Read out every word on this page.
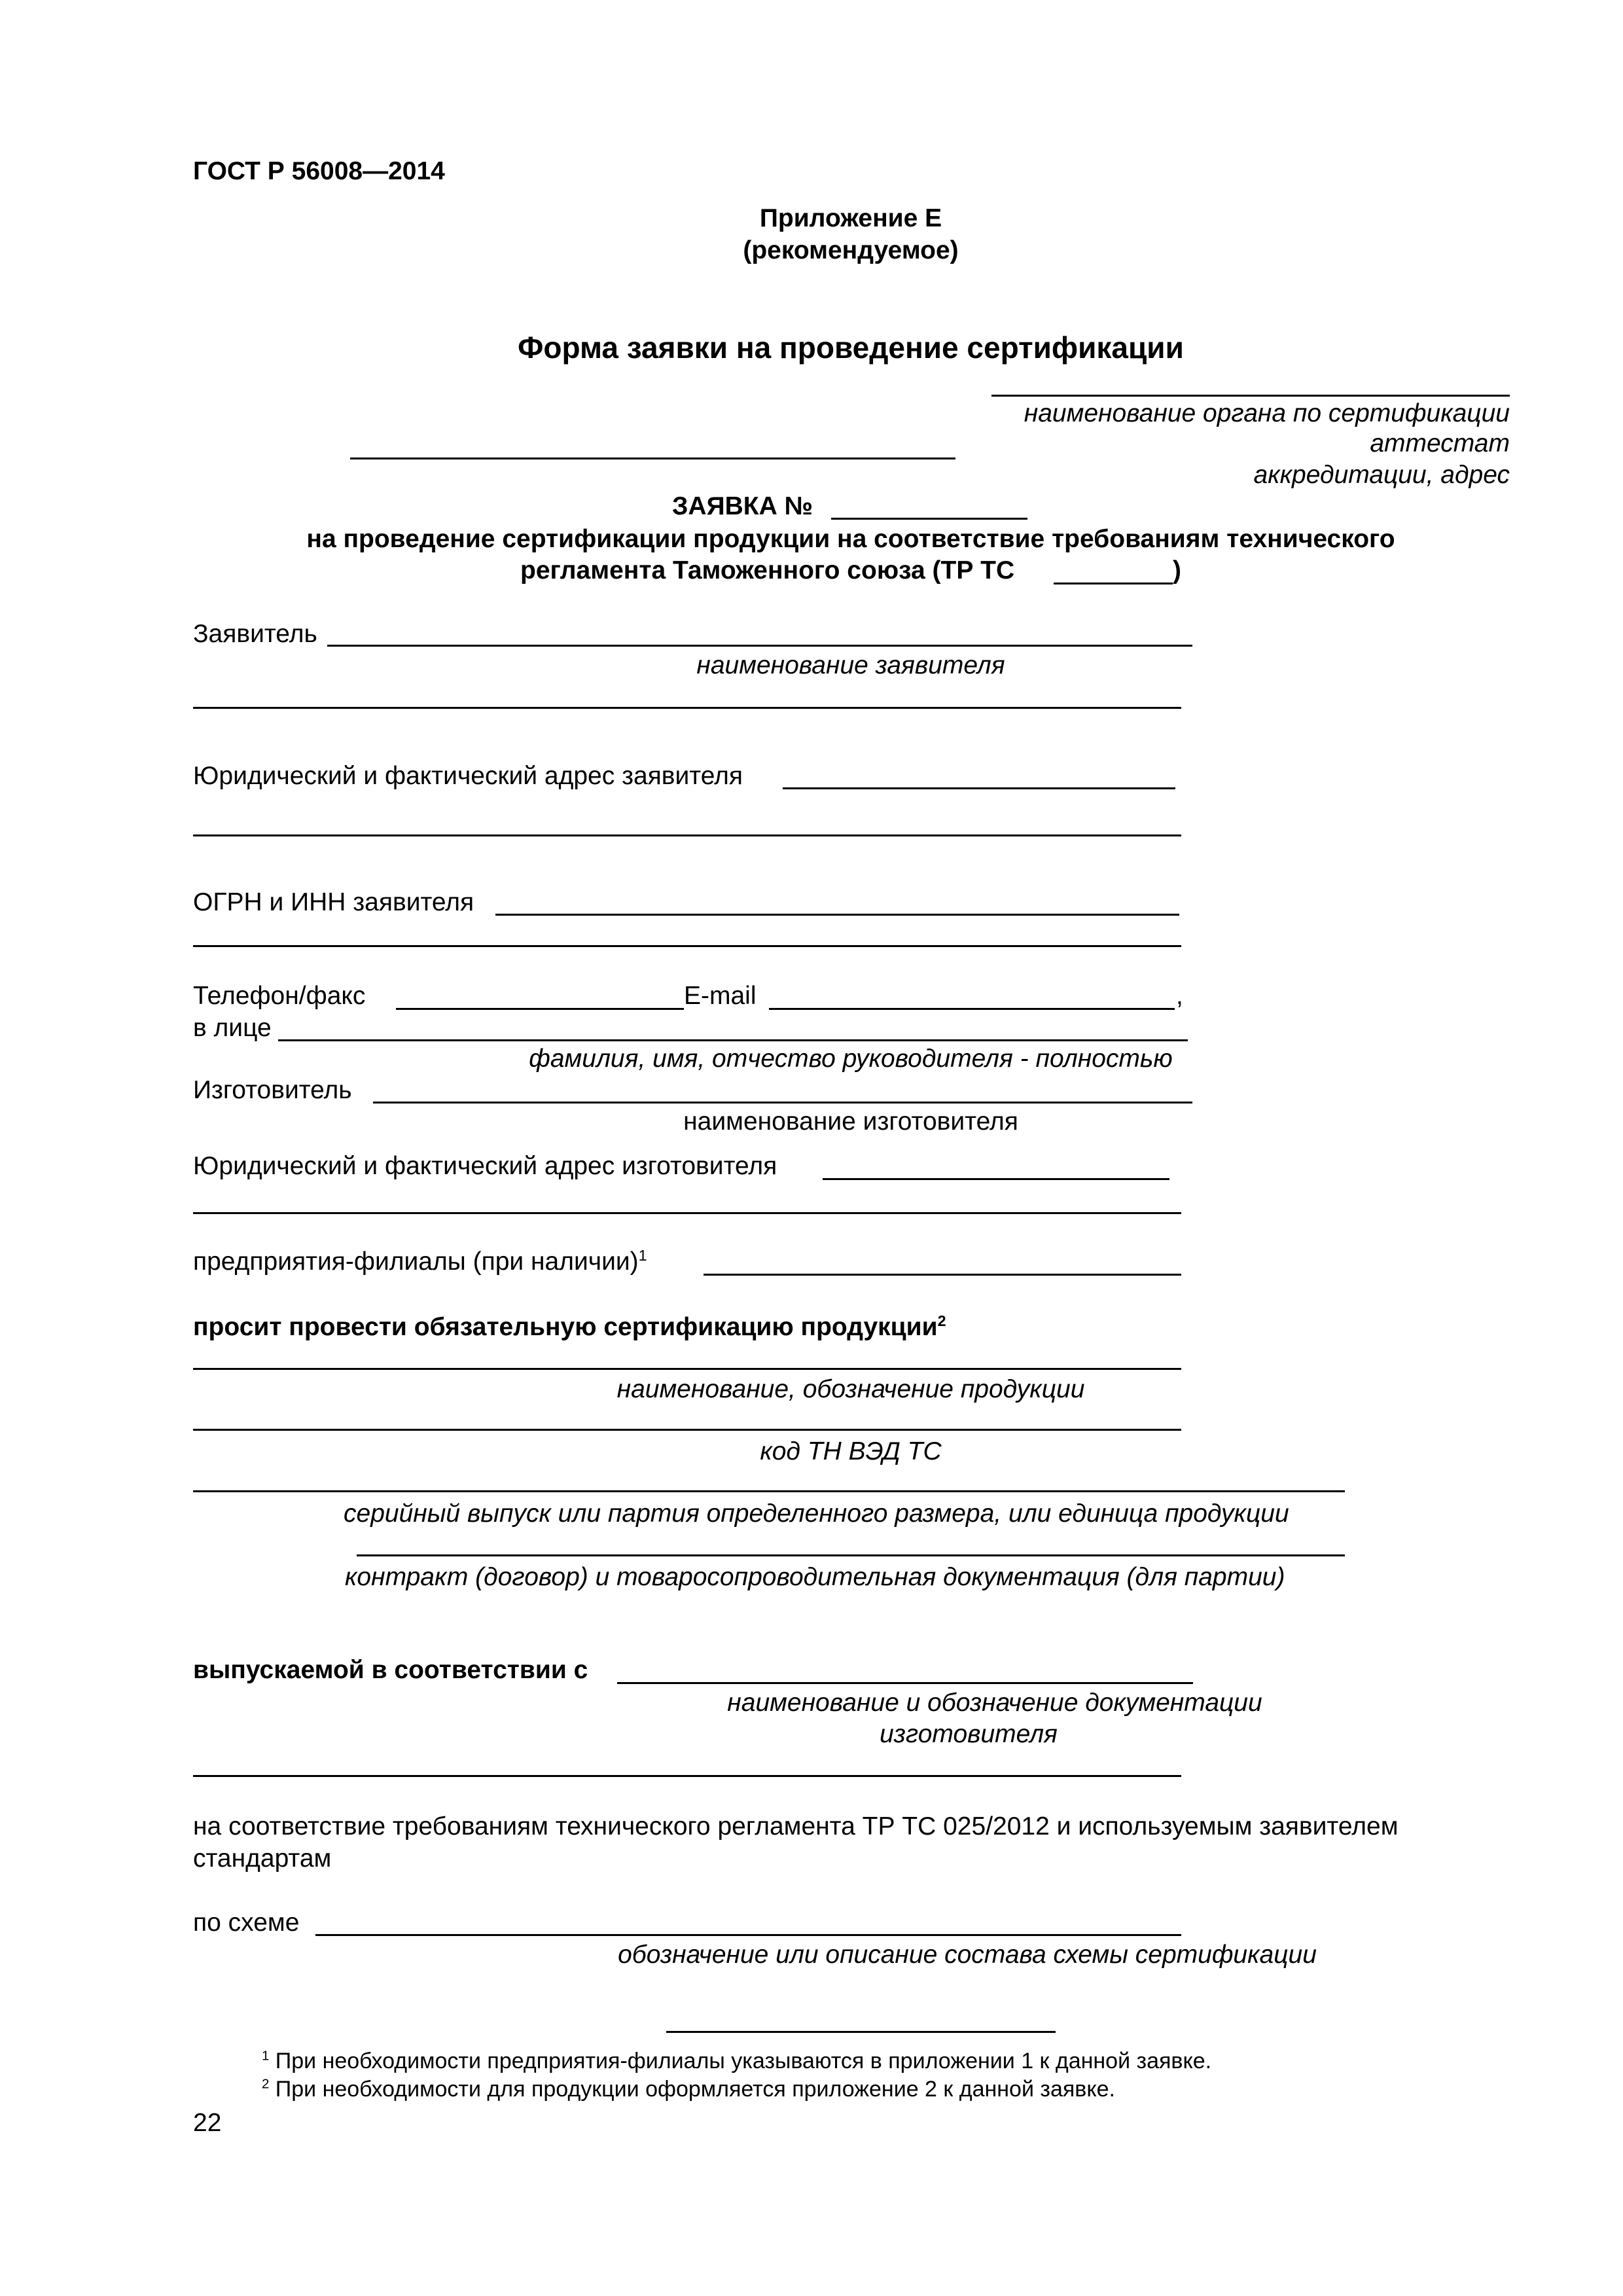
ГОСТ Р 56008—2014
Приложение Е
(рекомендуемое)
Форма заявки на проведение сертификации
наименование органа по сертификации
аттестат
аккредитации, адрес
ЗАЯВКА №
на проведение сертификации продукции на соответствие требованиям технического
регламента Таможенного союза (ТР ТС	)
Заявитель
наименование заявителя
Юридический и фактический адрес заявителя
ОГРН и ИНН заявителя
Телефон/факс	E-mail	,
в лице
фамилия, имя, отчество руководителя - полностью
Изготовитель
наименование изготовителя
Юридический и фактический адрес изготовителя
предприятия-филиалы (при наличии)$^1$
просит провести обязательную сертификацию продукции$^2$
наименование, обозначение продукции
код ТН ВЭД ТС
серийный выпуск или партия определенного размера, или единица продукции
контракт (договор) и товаросопроводительная документация (для партии)
выпускаемой в соответствии с
наименование и обозначение документации
изготовителя
на соответствие требованиям технического регламента ТР ТС 025/2012 и используемым заявителем
стандартам
по схеме
обозначение или описание состава схемы сертификации
$^1$ При необходимости предприятия-филиалы указываются в приложении 1 к данной заявке.
$^2$ При необходимости для продукции оформляется приложение 2 к данной заявке.
22
